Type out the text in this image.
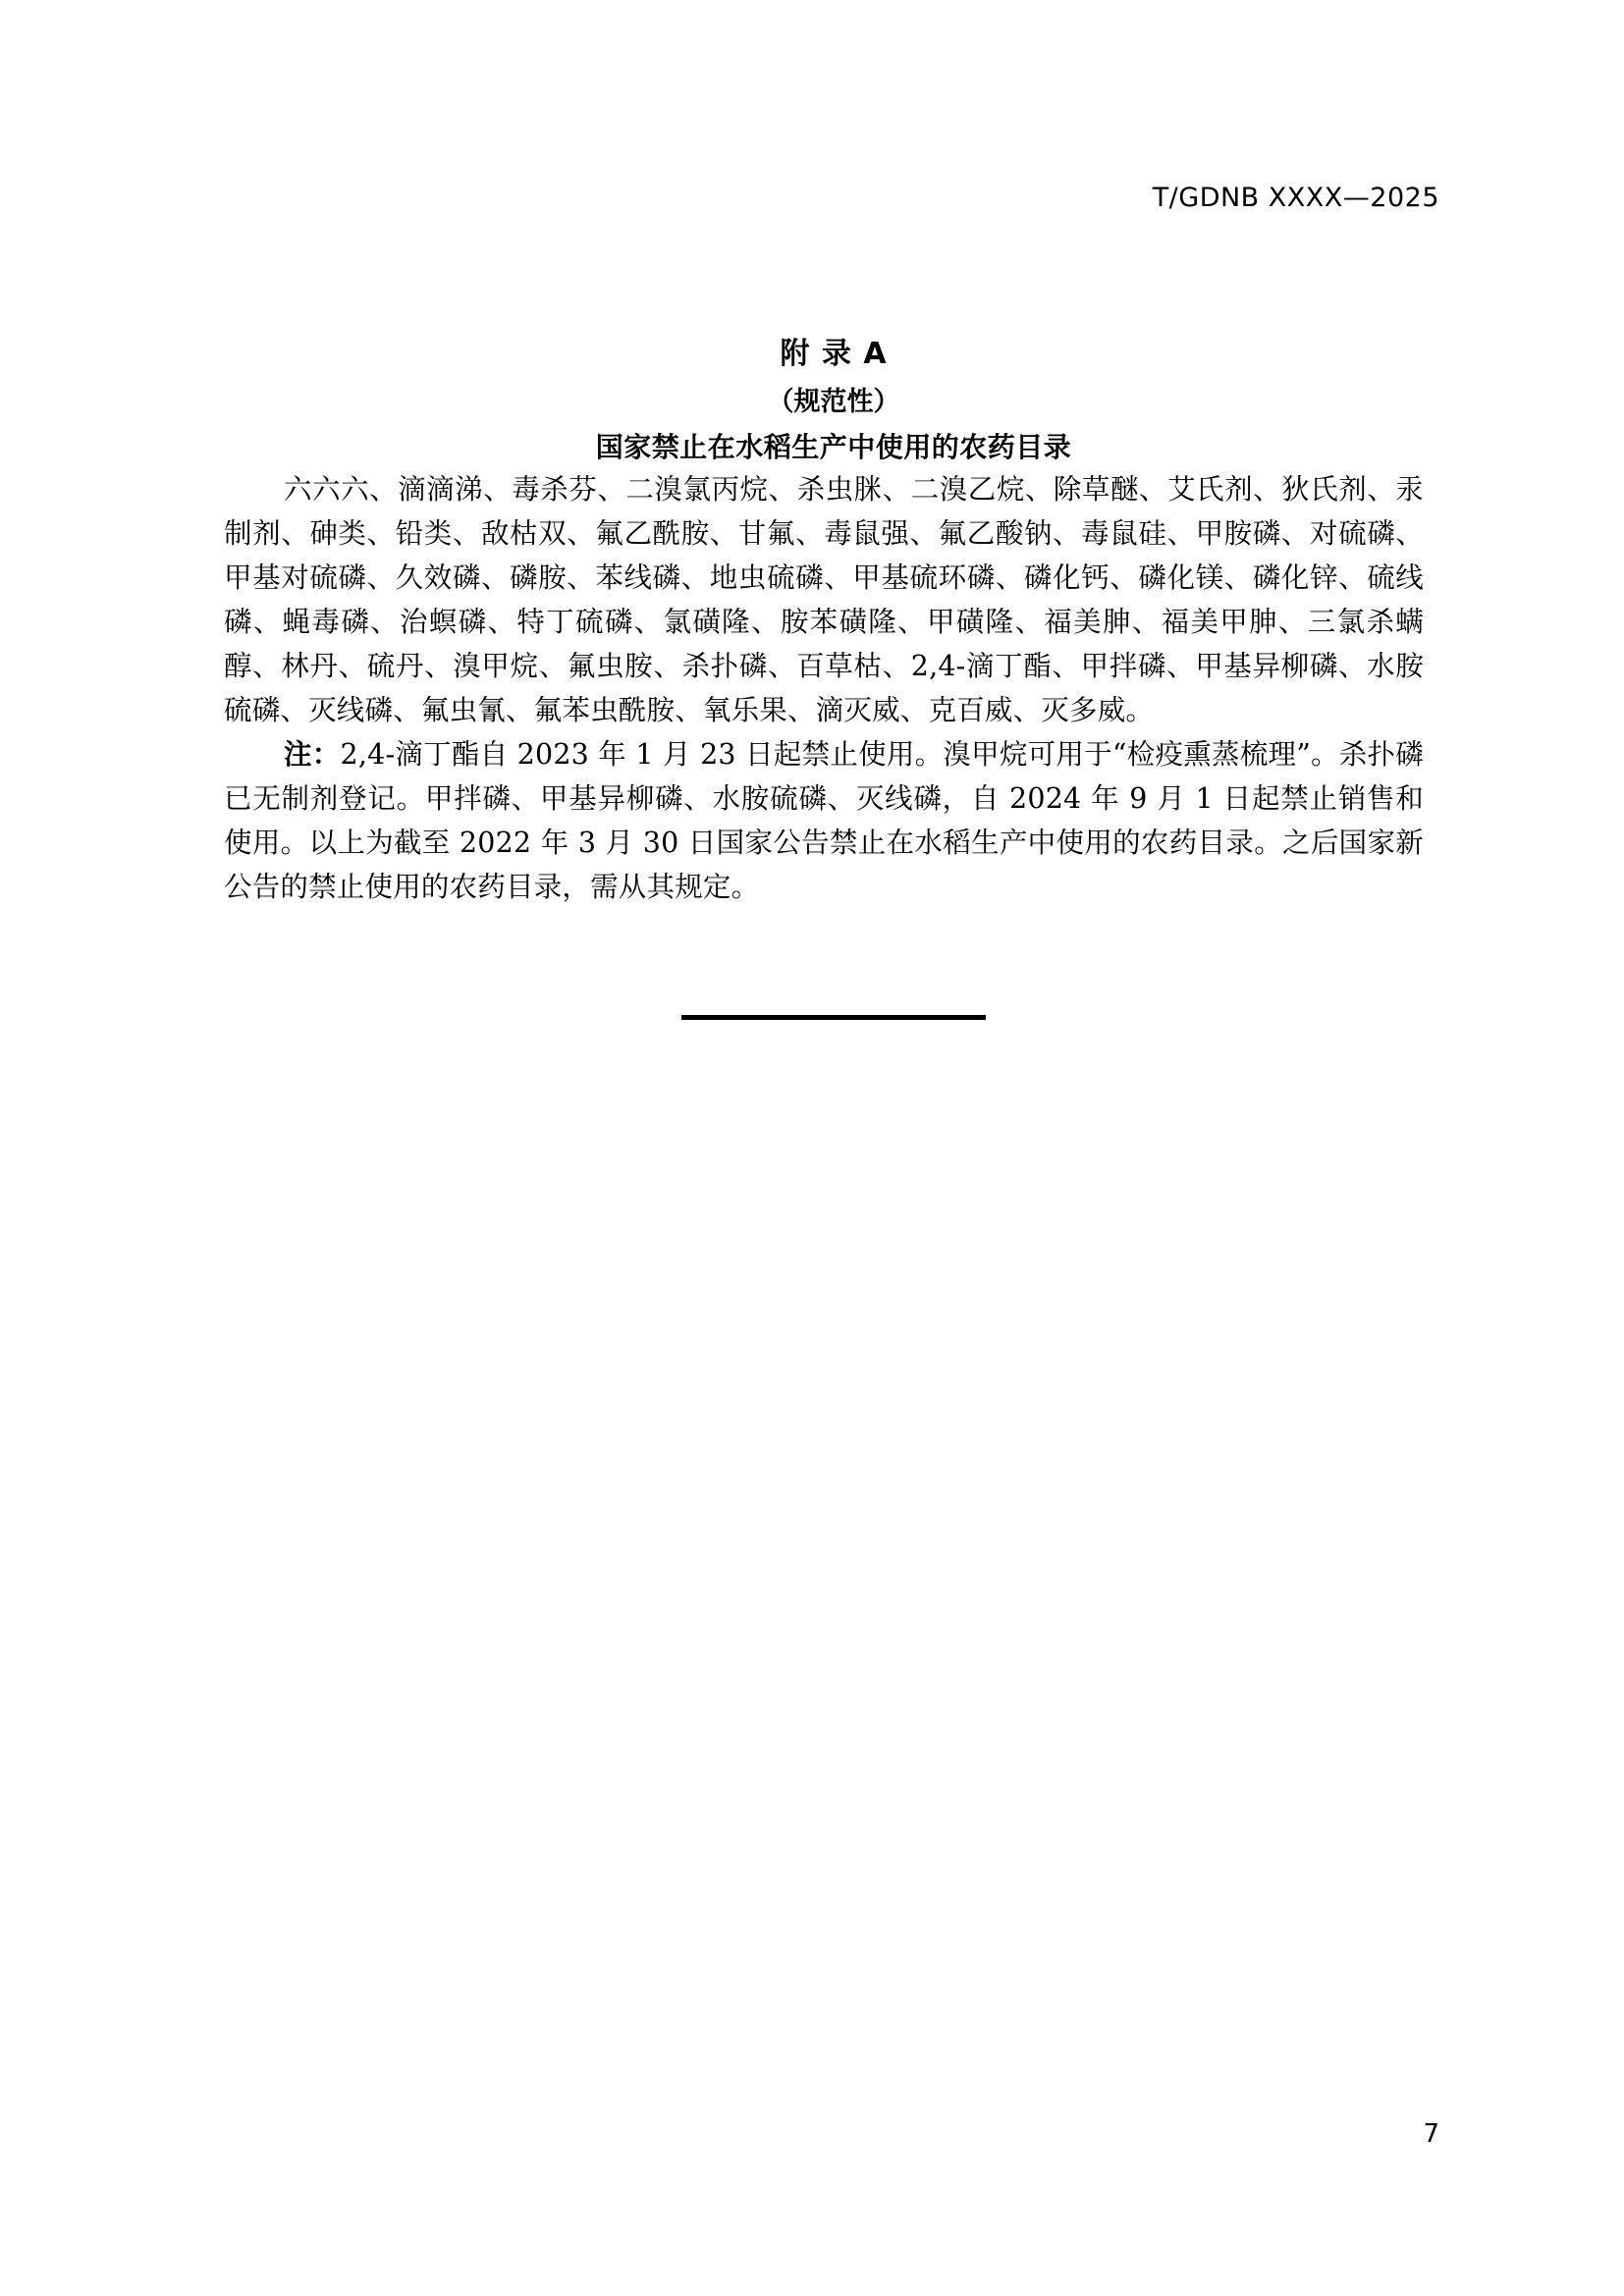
T/GDNB XXXX—2025
附 录 A
（规范性）
国家禁止在水稻生产中使用的农药目录

六六六、滴滴涕、毒杀芬、二溴氯丙烷、杀虫脒、二溴乙烷、除草醚、艾氏剂、狄氏剂、汞制剂、砷类、铅类、敌枯双、氟乙酰胺、甘氟、毒鼠强、氟乙酸钠、毒鼠硅、甲胺磷、对硫磷、甲基对硫磷、久效磷、磷胺、苯线磷、地虫硫磷、甲基硫环磷、磷化钙、磷化镁、磷化锌、硫线磷、蝇毒磷、治螟磷、特丁硫磷、氯磺隆、胺苯磺隆、甲磺隆、福美胂、福美甲胂、三氯杀螨醇、林丹、硫丹、溴甲烷、氟虫胺、杀扑磷、百草枯、2,4-滴丁酯、甲拌磷、甲基异柳磷、水胺硫磷、灭线磷、氟虫氰、氟苯虫酰胺、氧乐果、滴灭威、克百威、灭多威。

注：2,4-滴丁酯自 2023 年 1 月 23 日起禁止使用。溴甲烷可用于“检疫熏蒸梳理”。杀扑磷已无制剂登记。甲拌磷、甲基异柳磷、水胺硫磷、灭线磷，自 2024 年 9 月 1 日起禁止销售和使用。以上为截至 2022 年 3 月 30 日国家公告禁止在水稻生产中使用的农药目录。之后国家新公告的禁止使用的农药目录，需从其规定。

7
